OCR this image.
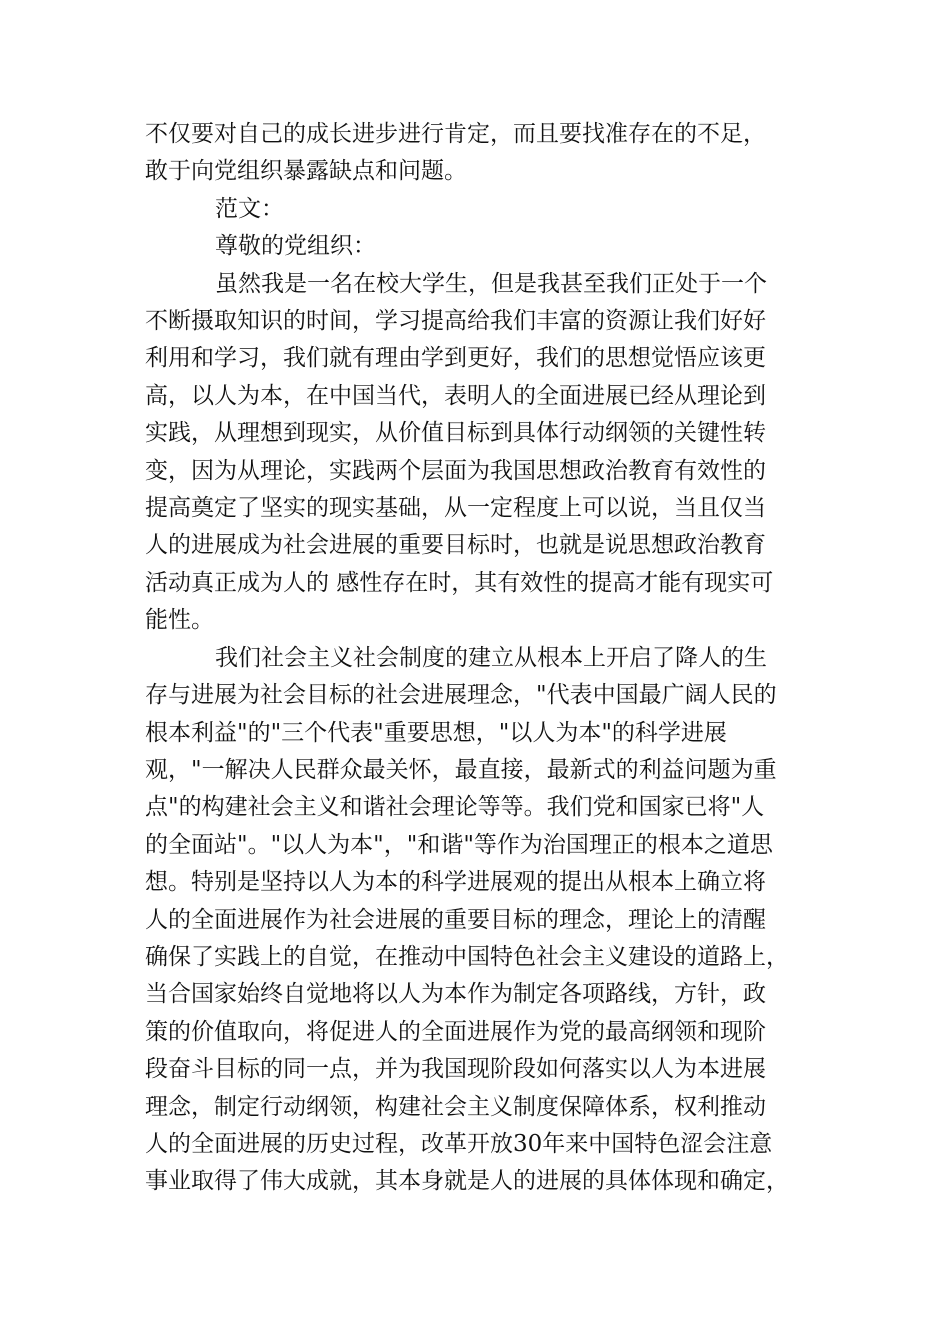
不仅要对自己的成长进步进行肯定，而且要找准存在的不足，

敢于向党组织暴露缺点和问题。

范文：

尊敬的党组织：

虽然我是一名在校大学生，但是我甚至我们正处于一个

不断摄取知识的时间，学习提高给我们丰富的资源让我们好好

利用和学习，我们就有理由学到更好，我们的思想觉悟应该更

高，以人为本，在中国当代，表明人的全面进展已经从理论到

实践，从理想到现实，从价值目标到具体行动纲领的关键性转

变，因为从理论，实践两个层面为我国思想政治教育有效性的

提高奠定了坚实的现实基础，从一定程度上可以说，当且仅当

人的进展成为社会进展的重要目标时，也就是说思想政治教育

活动真正成为人的 感性存在时，其有效性的提高才能有现实可

能性。

我们社会主义社会制度的建立从根本上开启了降人的生

存与进展为社会目标的社会进展理念，"代表中国最广阔人民的

根本利益"的"三个代表"重要思想，"以人为本"的科学进展

观，"一解决人民群众最关怀，最直接，最新式的利益问题为重

点"的构建社会主义和谐社会理论等等。我们党和国家已将"人

的全面站"。"以人为本"，"和谐"等作为治国理正的根本之道思

想。特别是坚持以人为本的科学进展观的提出从根本上确立将

人的全面进展作为社会进展的重要目标的理念，理论上的清醒

确保了实践上的自觉，在推动中国特色社会主义建设的道路上，

当合国家始终自觉地将以人为本作为制定各项路线，方针，政

策的价值取向，将促进人的全面进展作为党的最高纲领和现阶

段奋斗目标的同一点，并为我国现阶段如何落实以人为本进展

理念，制定行动纲领，构建社会主义制度保障体系，权利推动

人的全面进展的历史过程，改革开放30年来中国特色涩会注意

事业取得了伟大成就，其本身就是人的进展的具体体现和确定，
